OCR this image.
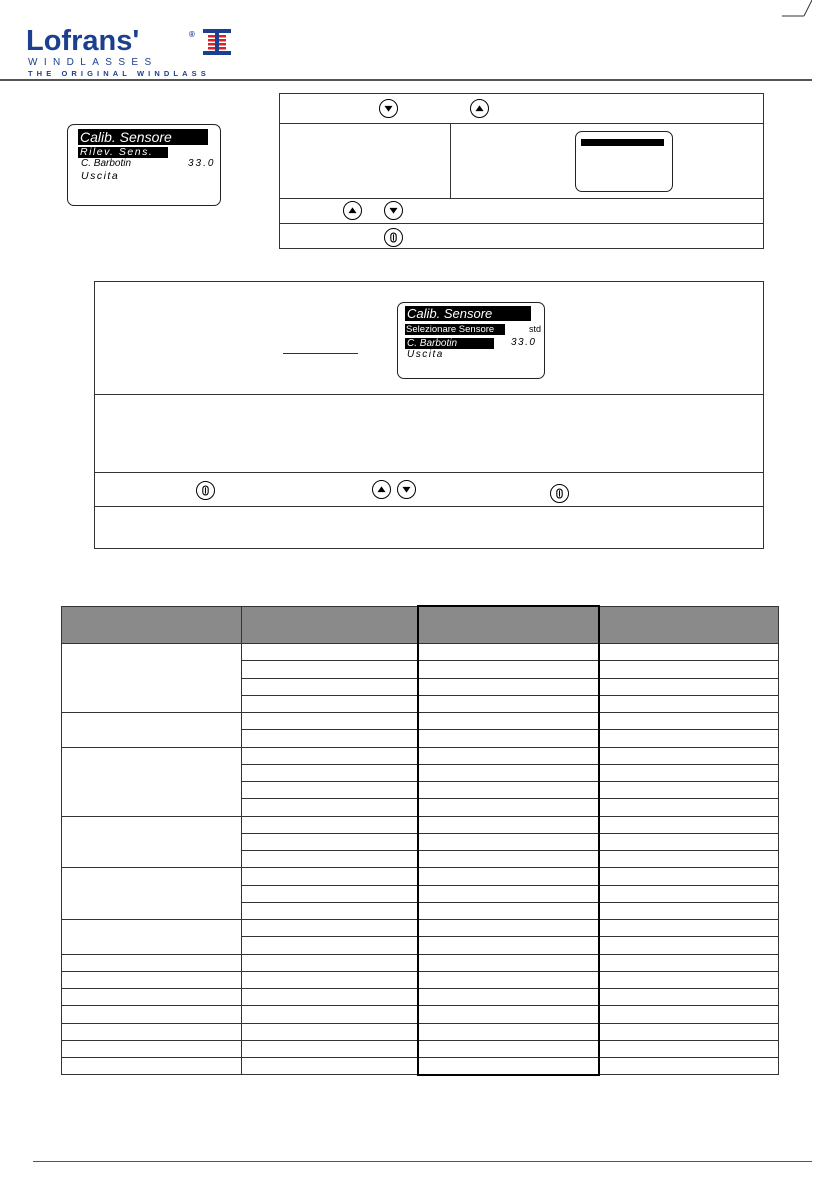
Lofrans'	®
WINDLASSES
THE ORIGINAL WINDLASS
Calib. Sensore
Rilev. Sens.
C. Barbotin	33.0
Uscita
Calib. Sensore
Selezionare Sensore	std
C. Barbotin	33.0
Uscita
